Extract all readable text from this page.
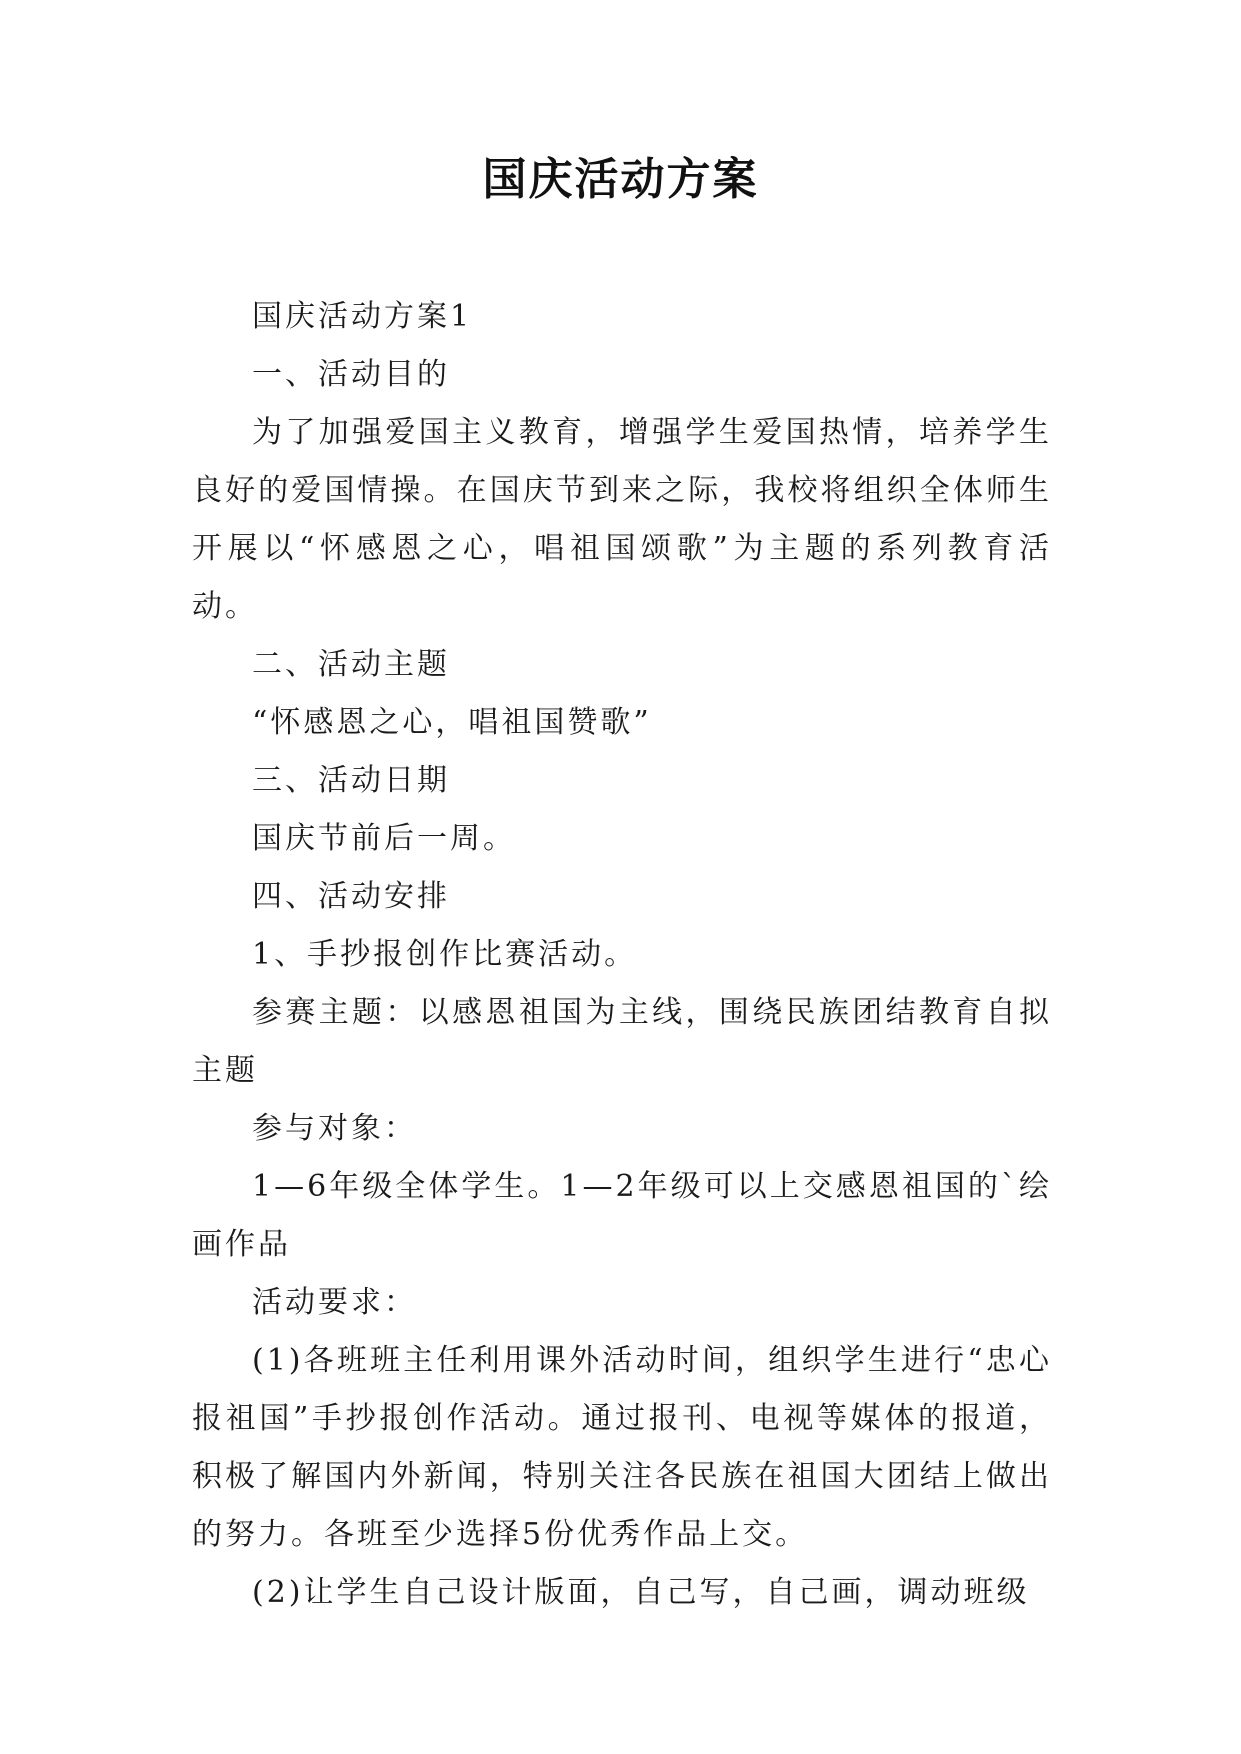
国庆活动方案

国庆活动方案1

一、活动目的

为了加强爱国主义教育，增强学生爱国热情，培养学生良好的爱国情操。在国庆节到来之际，我校将组织全体师生开展以“怀感恩之心，唱祖国颂歌”为主题的系列教育活动。

二、活动主题

“怀感恩之心，唱祖国赞歌”

三、活动日期

国庆节前后一周。

四、活动安排

1、手抄报创作比赛活动。

参赛主题：以感恩祖国为主线，围绕民族团结教育自拟主题

参与对象：

1—6年级全体学生。1—2年级可以上交感恩祖国的`绘画作品

活动要求：

(1)各班班主任利用课外活动时间，组织学生进行“忠心报祖国”手抄报创作活动。通过报刊、电视等媒体的报道，积极了解国内外新闻，特别关注各民族在祖国大团结上做出的努力。各班至少选择5份优秀作品上交。

(2)让学生自己设计版面，自己写，自己画，调动班级
